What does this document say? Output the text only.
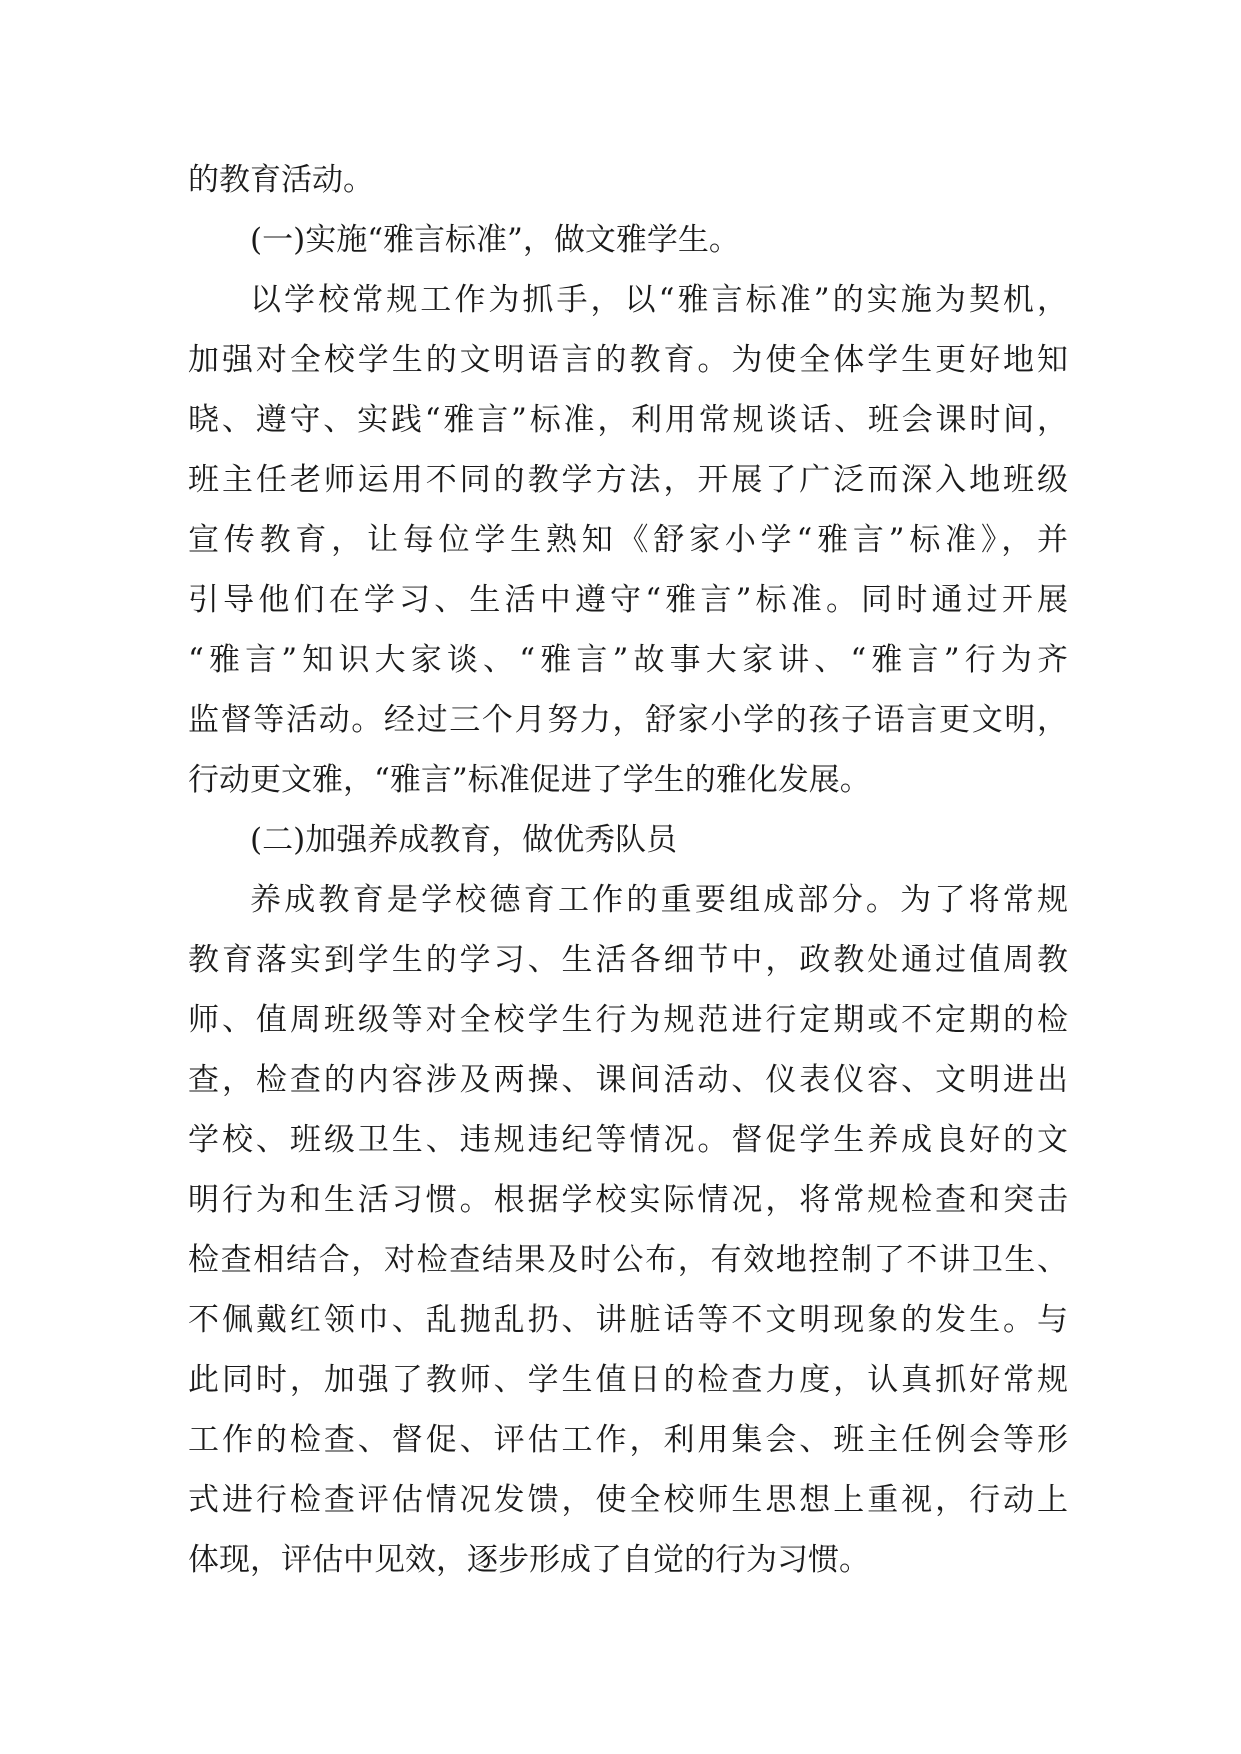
的教育活动。
(一)实施“雅言标准”，做文雅学生。
以学校常规工作为抓手，以“雅言标准”的实施为契机，
加强对全校学生的文明语言的教育。为使全体学生更好地知
晓、遵守、实践“雅言”标准，利用常规谈话、班会课时间，
班主任老师运用不同的教学方法，开展了广泛而深入地班级
宣传教育，让每位学生熟知《舒家小学“雅言”标准》，并
引导他们在学习、生活中遵守“雅言”标准。同时通过开展
“雅言”知识大家谈、“雅言”故事大家讲、“雅言”行为齐
监督等活动。经过三个月努力，舒家小学的孩子语言更文明，
行动更文雅，“雅言”标准促进了学生的雅化发展。
(二)加强养成教育，做优秀队员
养成教育是学校德育工作的重要组成部分。为了将常规
教育落实到学生的学习、生活各细节中，政教处通过值周教
师、值周班级等对全校学生行为规范进行定期或不定期的检
查，检查的内容涉及两操、课间活动、仪表仪容、文明进出
学校、班级卫生、违规违纪等情况。督促学生养成良好的文
明行为和生活习惯。根据学校实际情况，将常规检查和突击
检查相结合，对检查结果及时公布，有效地控制了不讲卫生、
不佩戴红领巾、乱抛乱扔、讲脏话等不文明现象的发生。与
此同时，加强了教师、学生值日的检查力度，认真抓好常规
工作的检查、督促、评估工作，利用集会、班主任例会等形
式进行检查评估情况发馈，使全校师生思想上重视，行动上
体现，评估中见效，逐步形成了自觉的行为习惯。
